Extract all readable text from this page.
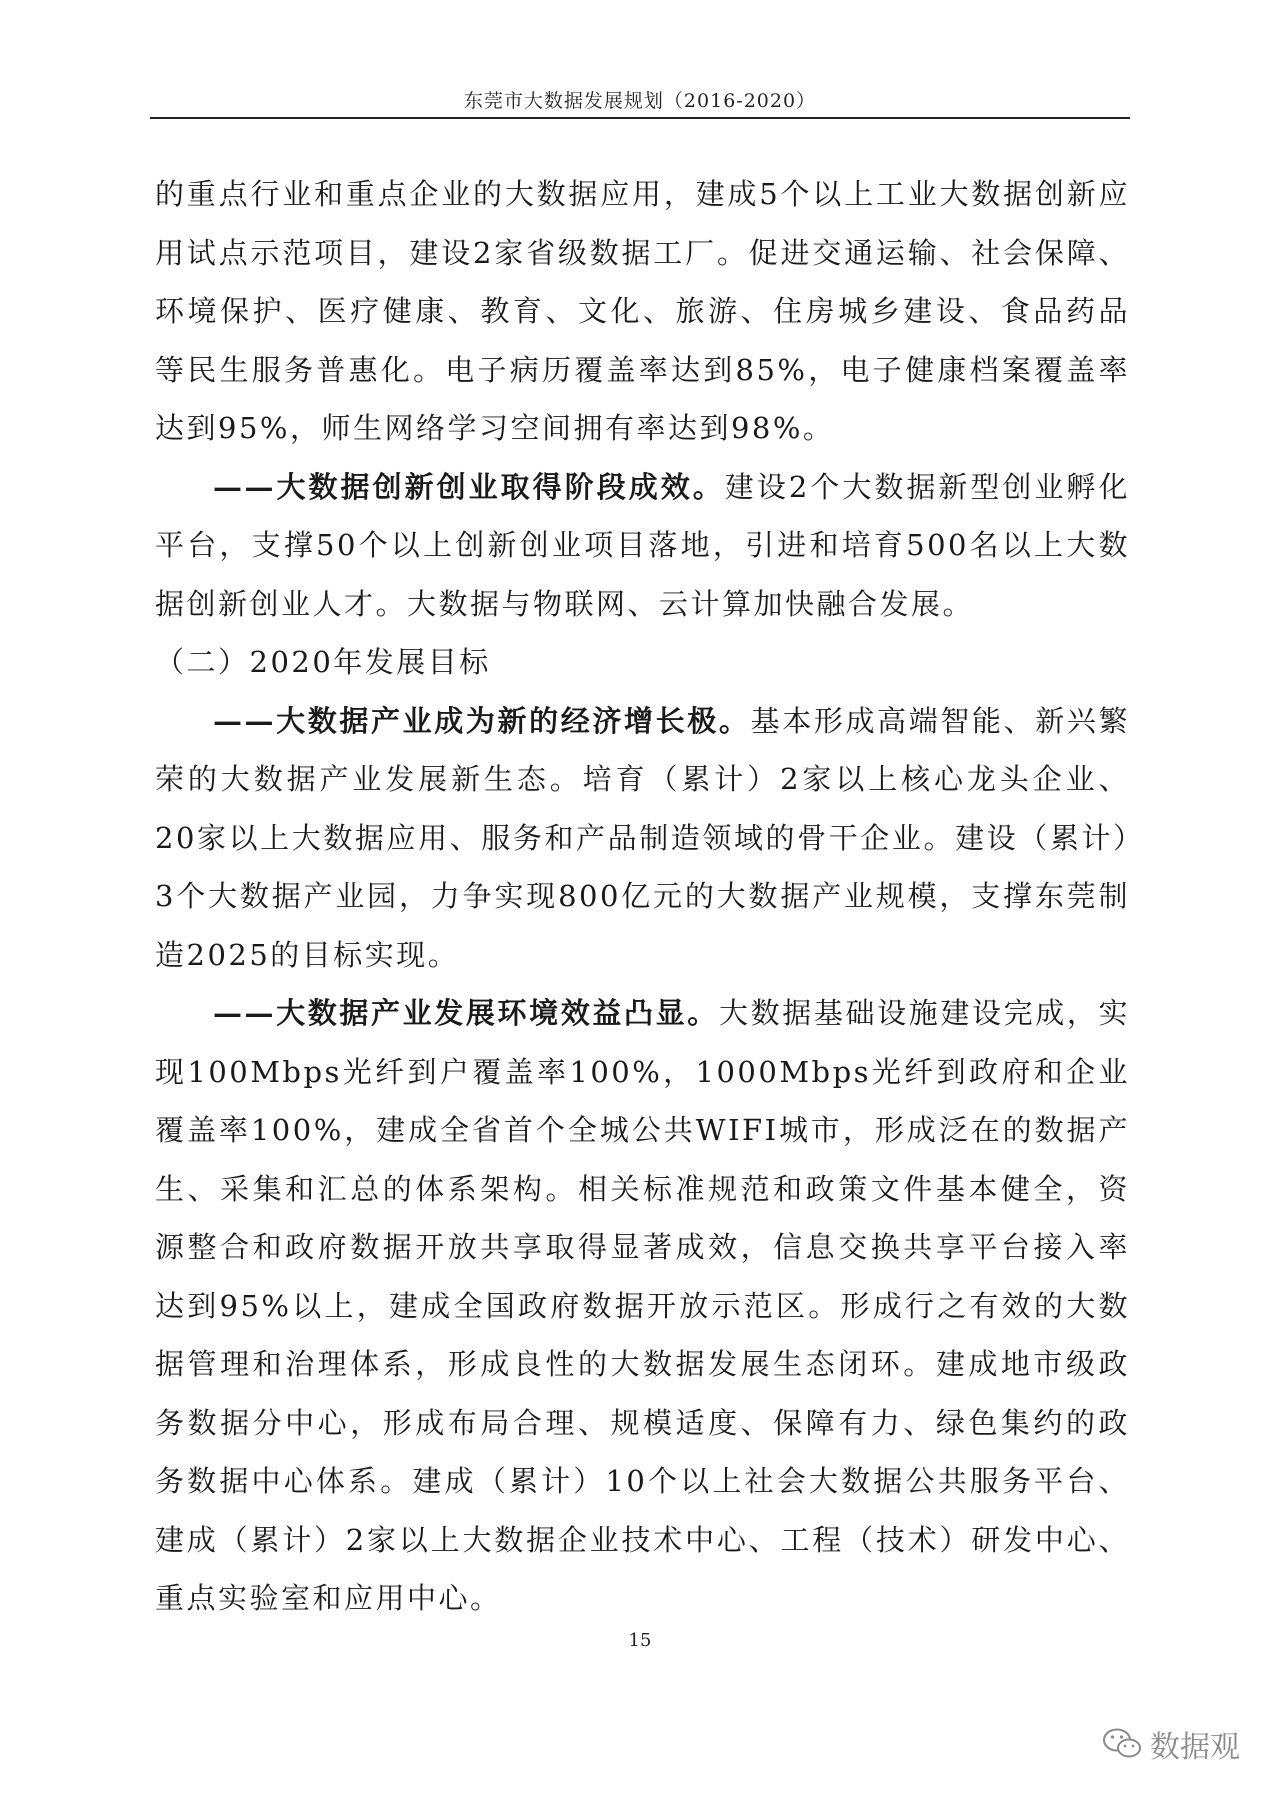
东莞市大数据发展规划（2016-2020）

的重点行业和重点企业的大数据应用，建成5个以上工业大数据创新应用试点示范项目，建设2家省级数据工厂。促进交通运输、社会保障、环境保护、医疗健康、教育、文化、旅游、住房城乡建设、食品药品等民生服务普惠化。电子病历覆盖率达到85%，电子健康档案覆盖率达到95%，师生网络学习空间拥有率达到98%。

——大数据创新创业取得阶段成效。建设2个大数据新型创业孵化平台，支撑50个以上创新创业项目落地，引进和培育500名以上大数据创新创业人才。大数据与物联网、云计算加快融合发展。

（二）2020年发展目标

——大数据产业成为新的经济增长极。基本形成高端智能、新兴繁荣的大数据产业发展新生态。培育（累计）2家以上核心龙头企业、20家以上大数据应用、服务和产品制造领域的骨干企业。建设（累计）3个大数据产业园，力争实现800亿元的大数据产业规模，支撑东莞制造2025的目标实现。

——大数据产业发展环境效益凸显。大数据基础设施建设完成，实现100Mbps光纤到户覆盖率100%，1000Mbps光纤到政府和企业覆盖率100%，建成全省首个全城公共WIFI城市，形成泛在的数据产生、采集和汇总的体系架构。相关标准规范和政策文件基本健全，资源整合和政府数据开放共享取得显著成效，信息交换共享平台接入率达到95%以上，建成全国政府数据开放示范区。形成行之有效的大数据管理和治理体系，形成良性的大数据发展生态闭环。建成地市级政务数据分中心，形成布局合理、规模适度、保障有力、绿色集约的政务数据中心体系。建成（累计）10个以上社会大数据公共服务平台、建成（累计）2家以上大数据企业技术中心、工程（技术）研发中心、重点实验室和应用中心。

15
数据观
